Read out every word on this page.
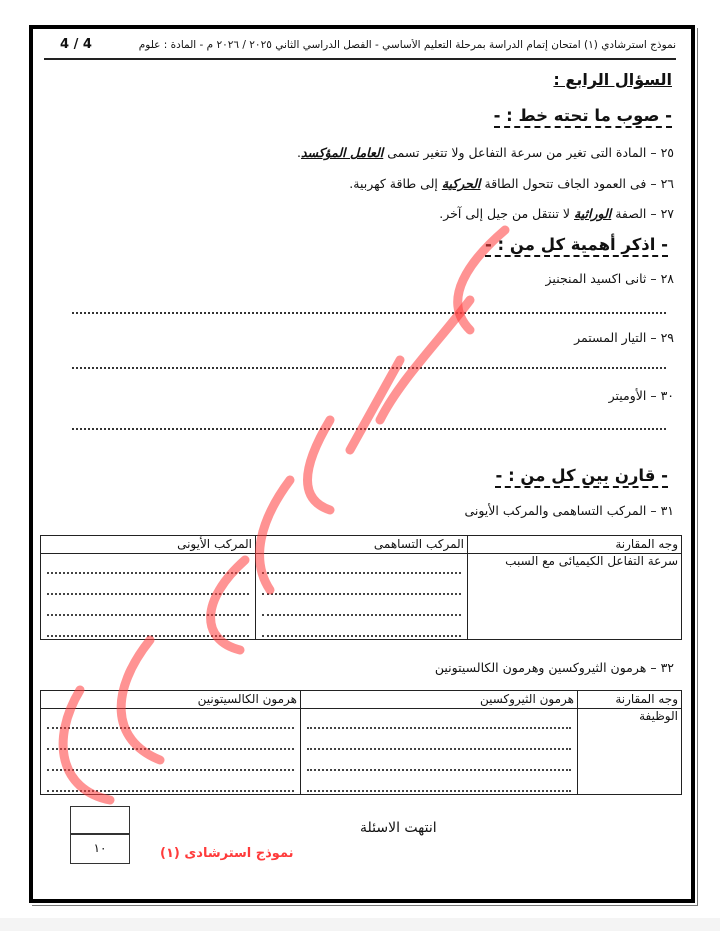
نموذج استرشادي (١) امتحان إتمام الدراسة بمرحلة التعليم الأساسي - الفصل الدراسي الثاني ٢٠٢٥ / ٢٠٢٦ م - المادة : علوم
4 / 4
السؤال الرابع :
- صوب ما تحته خط : -
٢٥ – المادة التى تغير من سرعة التفاعل ولا تتغير تسمى العامل المؤكسد.
٢٦ – فى العمود الجاف تتحول الطاقة الحركية إلى طاقة كهربية.
٢٧ – الصفة الوراثية لا تنتقل من جيل إلى آخر.
- اذكر أهمية كل من : -
٢٨ – ثانى اكسيد المنجنيز
٢٩ – التيار المستمر
٣٠ – الأوميتر
- قارن بين كل من : -
٣١ – المركب التساهمى والمركب الأيونى
وجه المقارنة	المركب التساهمى	المركب الأيونى
سرعة التفاعل الكيميائى مع السبب	

٣٢ – هرمون الثيروكسين وهرمون الكالسيتونين
وجه المقارنة	هرمون الثيروكسين	هرمون الكالسيتونين
الوظيفة	

١٠
انتهت الاسئلة
نموذج استرشادى (١)
